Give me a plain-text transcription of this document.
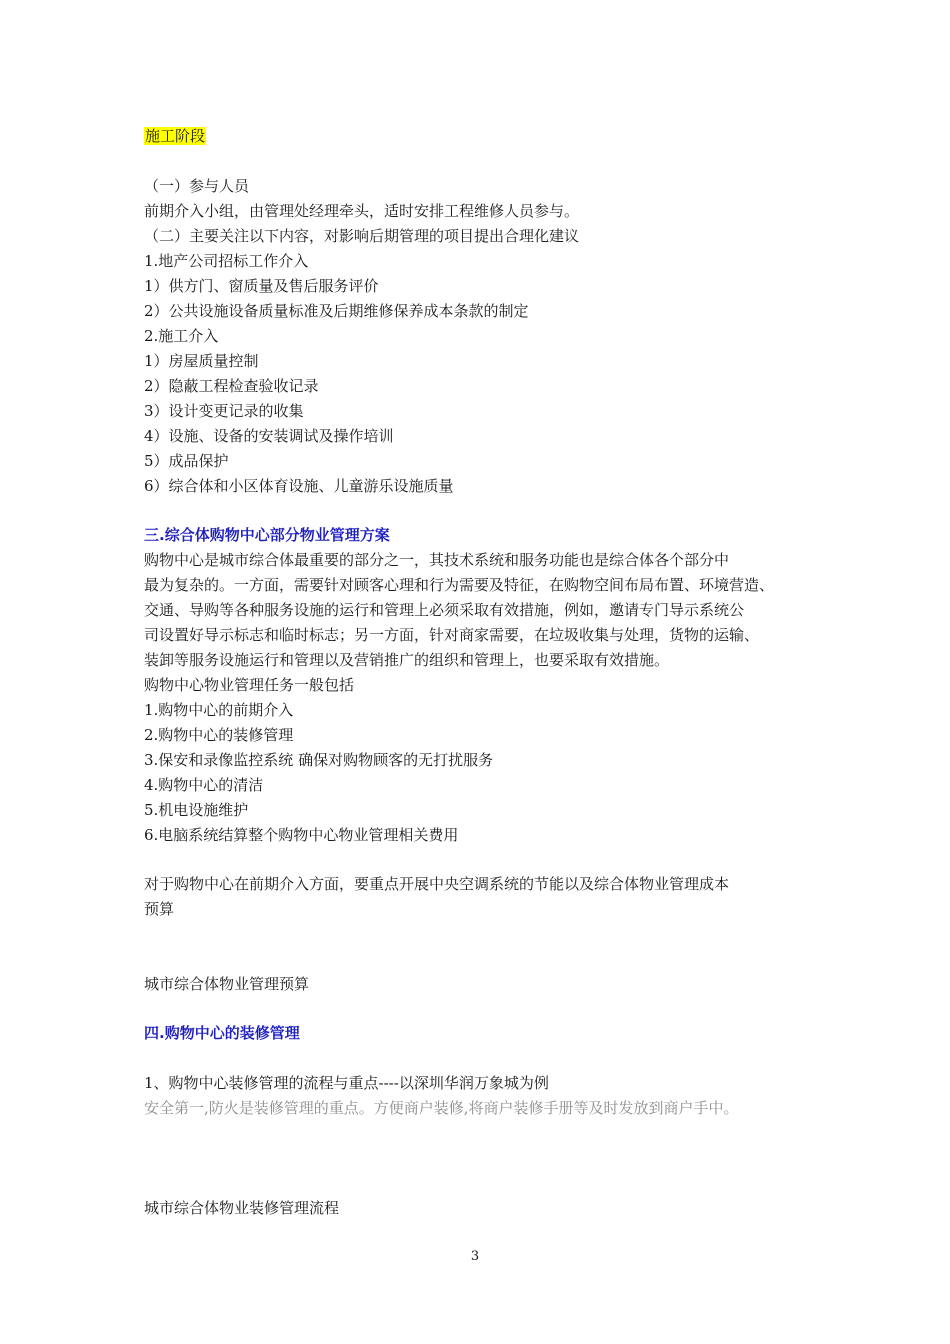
施工阶段
（一）参与人员
前期介入小组，由管理处经理牵头，适时安排工程维修人员参与。
（二）主要关注以下内容，对影响后期管理的项目提出合理化建议
1.地产公司招标工作介入
1）供方门、窗质量及售后服务评价
2）公共设施设备质量标准及后期维修保养成本条款的制定
2.施工介入
1）房屋质量控制
2）隐蔽工程检查验收记录
3）设计变更记录的收集
4）设施、设备的安装调试及操作培训
5）成品保护
6）综合体和小区体育设施、儿童游乐设施质量
三.综合体购物中心部分物业管理方案
购物中心是城市综合体最重要的部分之一，其技术系统和服务功能也是综合体各个部分中
最为复杂的。一方面，需要针对顾客心理和行为需要及特征，在购物空间布局布置、环境营造、
交通、导购等各种服务设施的运行和管理上必须采取有效措施，例如，邀请专门导示系统公
司设置好导示标志和临时标志；另一方面，针对商家需要，在垃圾收集与处理，货物的运输、
装卸等服务设施运行和管理以及营销推广的组织和管理上，也要采取有效措施。
购物中心物业管理任务一般包括
1.购物中心的前期介入
2.购物中心的装修管理
3.保安和录像监控系统 确保对购物顾客的无打扰服务
4.购物中心的清洁
5.机电设施维护
6.电脑系统结算整个购物中心物业管理相关费用
对于购物中心在前期介入方面，要重点开展中央空调系统的节能以及综合体物业管理成本
预算
城市综合体物业管理预算
四.购物中心的装修管理
1、购物中心装修管理的流程与重点----以深圳华润万象城为例
安全第一,防火是装修管理的重点。方便商户装修,将商户装修手册等及时发放到商户手中。
城市综合体物业装修管理流程
3
